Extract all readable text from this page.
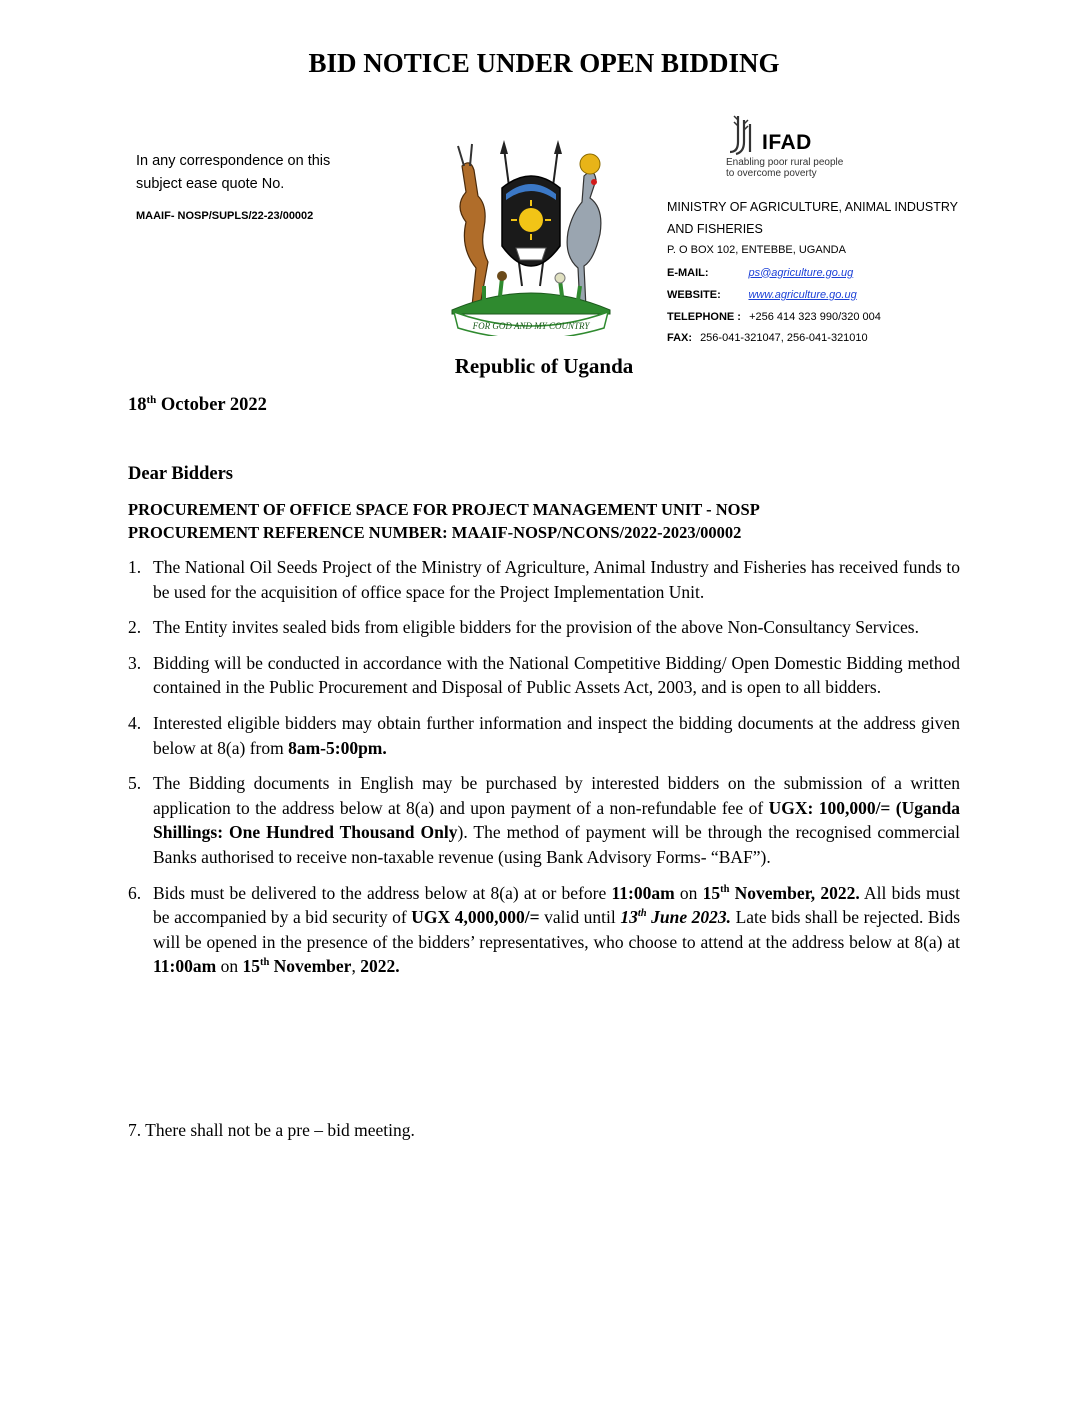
BID NOTICE UNDER OPEN BIDDING
In any correspondence on this
subject ease quote No.
MAAIF- NOSP/SUPLS/22-23/00002
FOR GOD AND MY COUNTRY
IFAD
Enabling poor rural people
to overcome poverty
MINISTRY OF AGRICULTURE, ANIMAL INDUSTRY
AND FISHERIES
P. O BOX 102, ENTEBBE, UGANDA
E-MAIL:	ps@agriculture.go.ug
WEBSITE:	www.agriculture.go.ug
TELEPHONE : +256 414 323 990/320 004
FAX: 256-041-321047, 256-041-321010
Republic of Uganda
18th October 2022
Dear Bidders
PROCUREMENT OF OFFICE SPACE FOR PROJECT MANAGEMENT UNIT - NOSP
PROCUREMENT REFERENCE NUMBER: MAAIF-NOSP/NCONS/2022-2023/00002
1. The National Oil Seeds Project of the Ministry of Agriculture, Animal Industry and Fisheries has received funds to be used for the acquisition of office space for the Project Implementation Unit.
2. The Entity invites sealed bids from eligible bidders for the provision of the above Non-Consultancy Services.
3. Bidding will be conducted in accordance with the National Competitive Bidding/ Open Domestic Bidding method contained in the Public Procurement and Disposal of Public Assets Act, 2003, and is open to all bidders.
4. Interested eligible bidders may obtain further information and inspect the bidding documents at the address given below at 8(a) from 8am-5:00pm.
5. The Bidding documents in English may be purchased by interested bidders on the submission of a written application to the address below at 8(a) and upon payment of a non-refundable fee of UGX: 100,000/= (Uganda Shillings: One Hundred Thousand Only). The method of payment will be through the recognised commercial Banks authorised to receive non-taxable revenue (using Bank Advisory Forms- “BAF”).
6. Bids must be delivered to the address below at 8(a) at or before 11:00am on 15th November, 2022. All bids must be accompanied by a bid security of UGX 4,000,000/= valid until 13th June 2023. Late bids shall be rejected. Bids will be opened in the presence of the bidders’ representatives, who choose to attend at the address below at 8(a) at 11:00am on 15th November, 2022.
7. There shall not be a pre – bid meeting.
